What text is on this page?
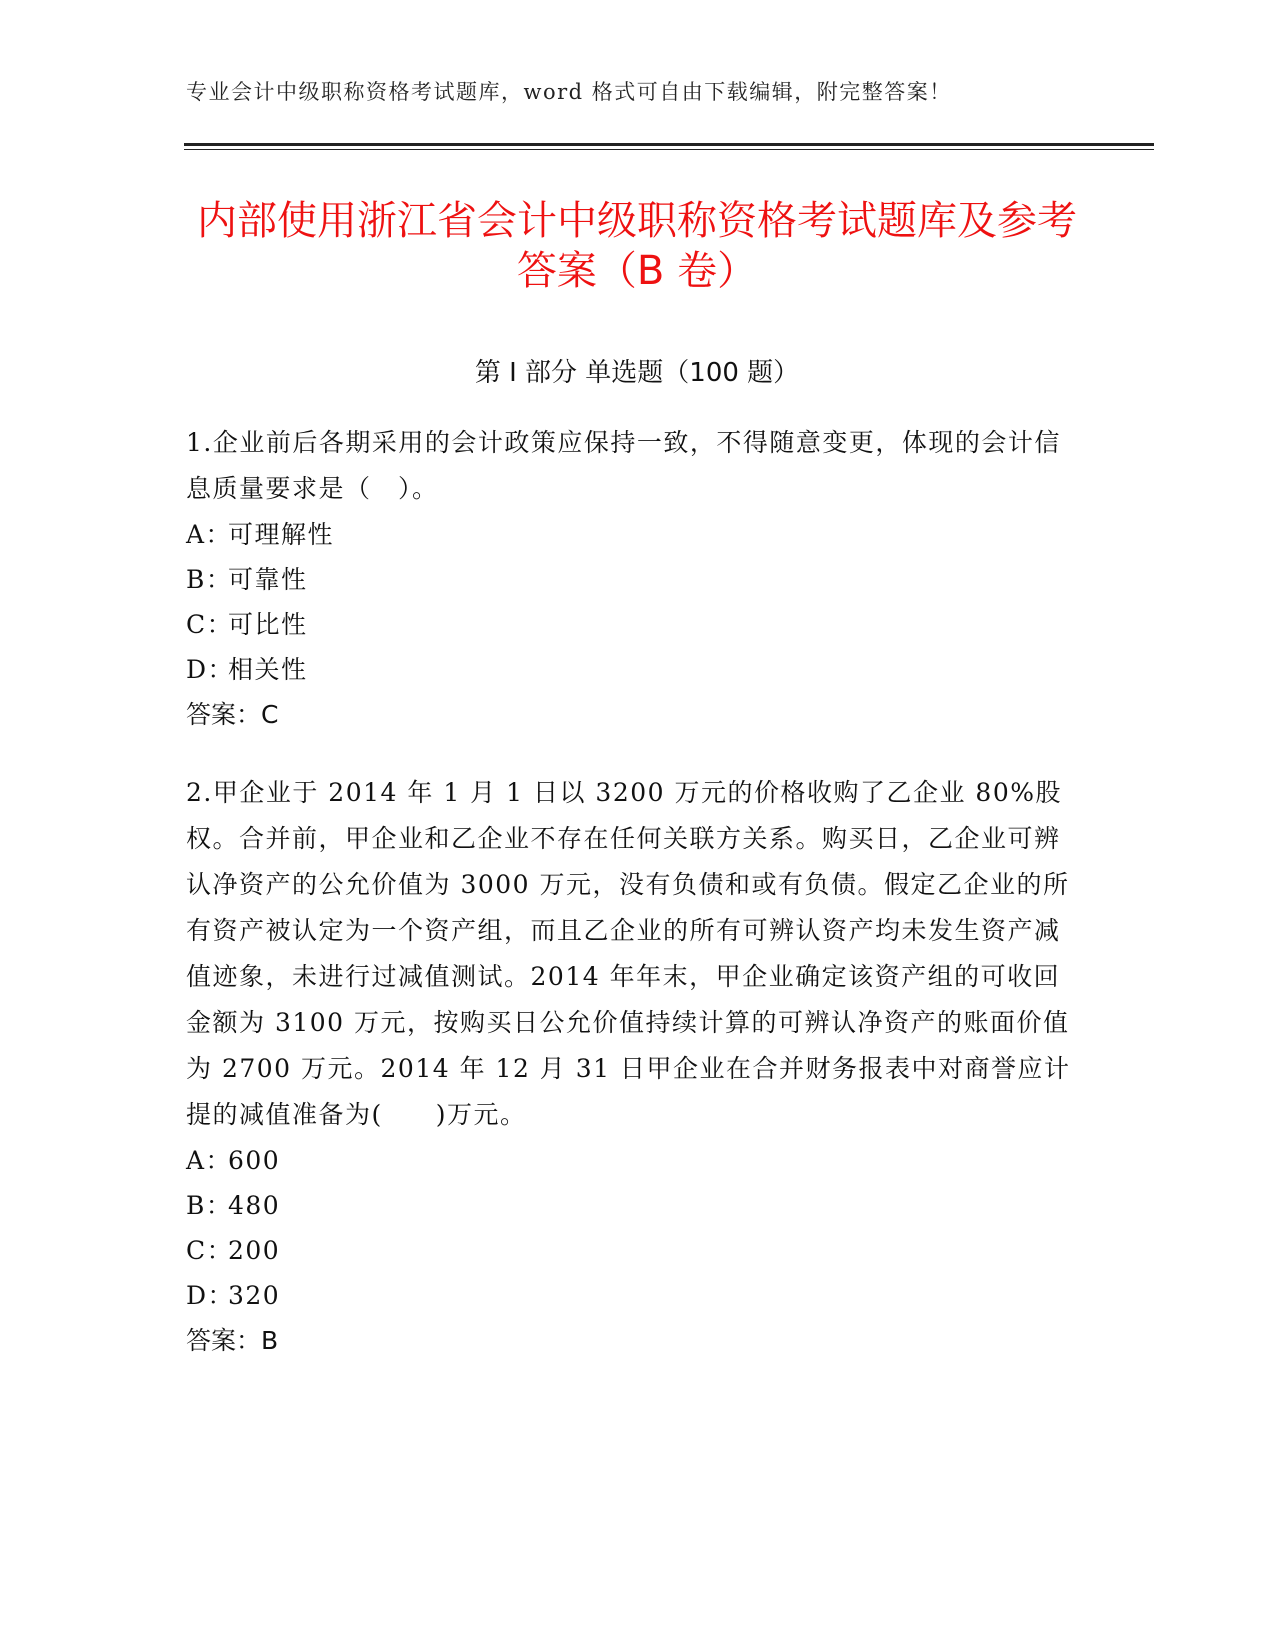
专业会计中级职称资格考试题库，word 格式可自由下载编辑，附完整答案！
内部使用浙江省会计中级职称资格考试题库及参考答案（B 卷）
第 I 部分 单选题（100 题）

1.企业前后各期采用的会计政策应保持一致，不得随意变更，体现的会计信息质量要求是（　）。

A：可理解性

B：可靠性

C：可比性

D：相关性

答案：C

2.甲企业于 2014 年 1 月 1 日以 3200 万元的价格收购了乙企业 80%股权。合并前，甲企业和乙企业不存在任何关联方关系。购买日，乙企业可辨认净资产的公允价值为 3000 万元，没有负债和或有负债。假定乙企业的所有资产被认定为一个资产组，而且乙企业的所有可辨认资产均未发生资产减值迹象，未进行过减值测试。2014 年年末，甲企业确定该资产组的可收回金额为 3100 万元，按购买日公允价值持续计算的可辨认净资产的账面价值为 2700 万元。2014 年 12 月 31 日甲企业在合并财务报表中对商誉应计提的减值准备为(　　)万元。

A：600

B：480

C：200

D：320

答案：B
